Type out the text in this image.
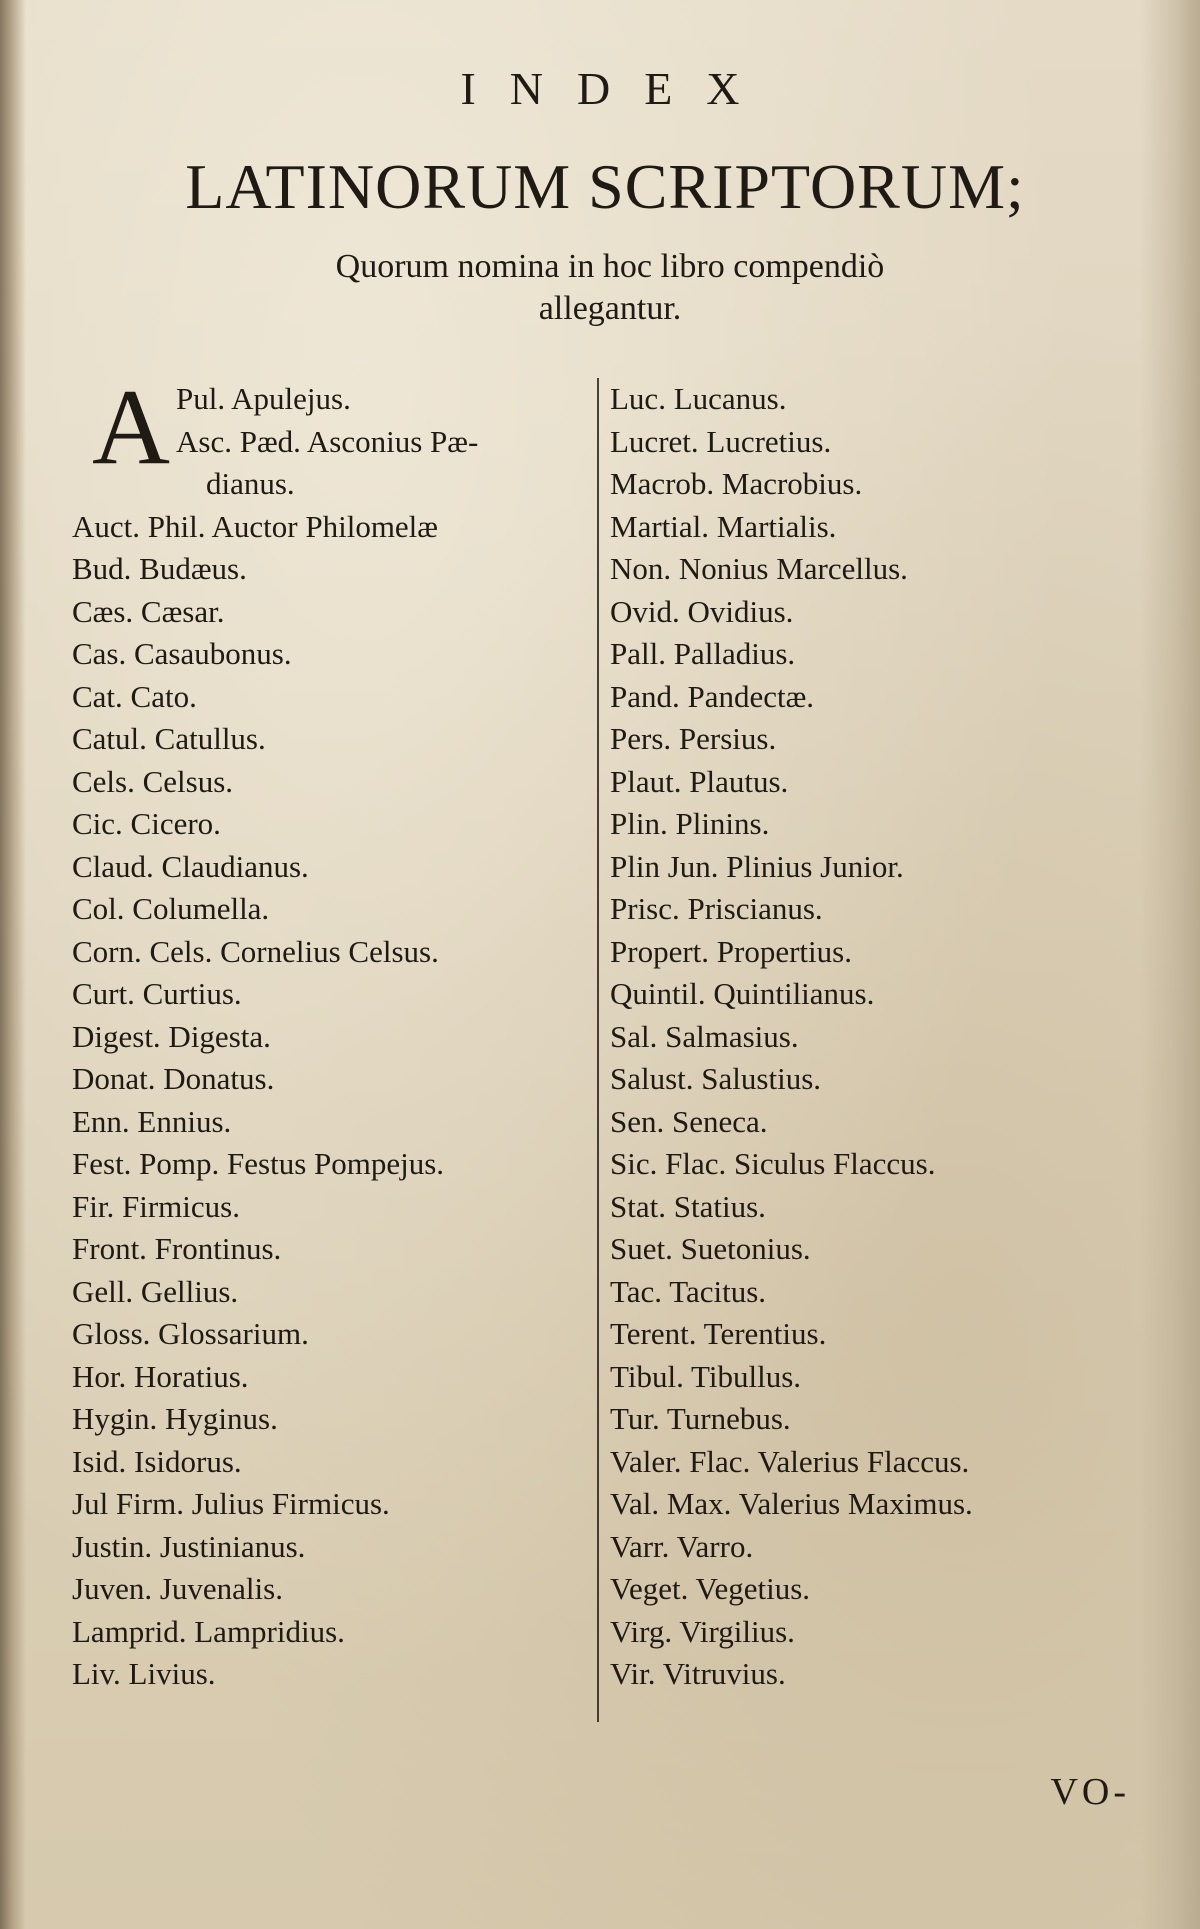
INDEX
LATINORUM SCRIPTORUM;
Quorum nomina in hoc libro compendiò
allegantur.
A Pul. Apulejus.
Asc. Pæd. Asconius Pæ-
dianus.
Auct. Phil. Auctor Philomelæ
Bud. Budæus.
Cæs. Cæsar.
Cas. Casaubonus.
Cat. Cato.
Catul. Catullus.
Cels. Celsus.
Cic. Cicero.
Claud. Claudianus.
Col. Columella.
Corn. Cels. Cornelius Celsus.
Curt. Curtius.
Digest. Digesta.
Donat. Donatus.
Enn. Ennius.
Fest. Pomp. Festus Pompejus.
Fir. Firmicus.
Front. Frontinus.
Gell. Gellius.
Gloss. Glossarium.
Hor. Horatius.
Hygin. Hyginus.
Isid. Isidorus.
Jul Firm. Julius Firmicus.
Justin. Justinianus.
Juven. Juvenalis.
Lamprid. Lampridius.
Liv. Livius.
Luc. Lucanus.
Lucret. Lucretius.
Macrob. Macrobius.
Martial. Martialis.
Non. Nonius Marcellus.
Ovid. Ovidius.
Pall. Palladius.
Pand. Pandectæ.
Pers. Persius.
Plaut. Plautus.
Plin. Plinins.
Plin Jun. Plinius Junior.
Prisc. Priscianus.
Propert. Propertius.
Quintil. Quintilianus.
Sal. Salmasius.
Salust. Salustius.
Sen. Seneca.
Sic. Flac. Siculus Flaccus.
Stat. Statius.
Suet. Suetonius.
Tac. Tacitus.
Terent. Terentius.
Tibul. Tibullus.
Tur. Turnebus.
Valer. Flac. Valerius Flaccus.
Val. Max. Valerius Maximus.
Varr. Varro.
Veget. Vegetius.
Virg. Virgilius.
Vir. Vitruvius.
VO-
